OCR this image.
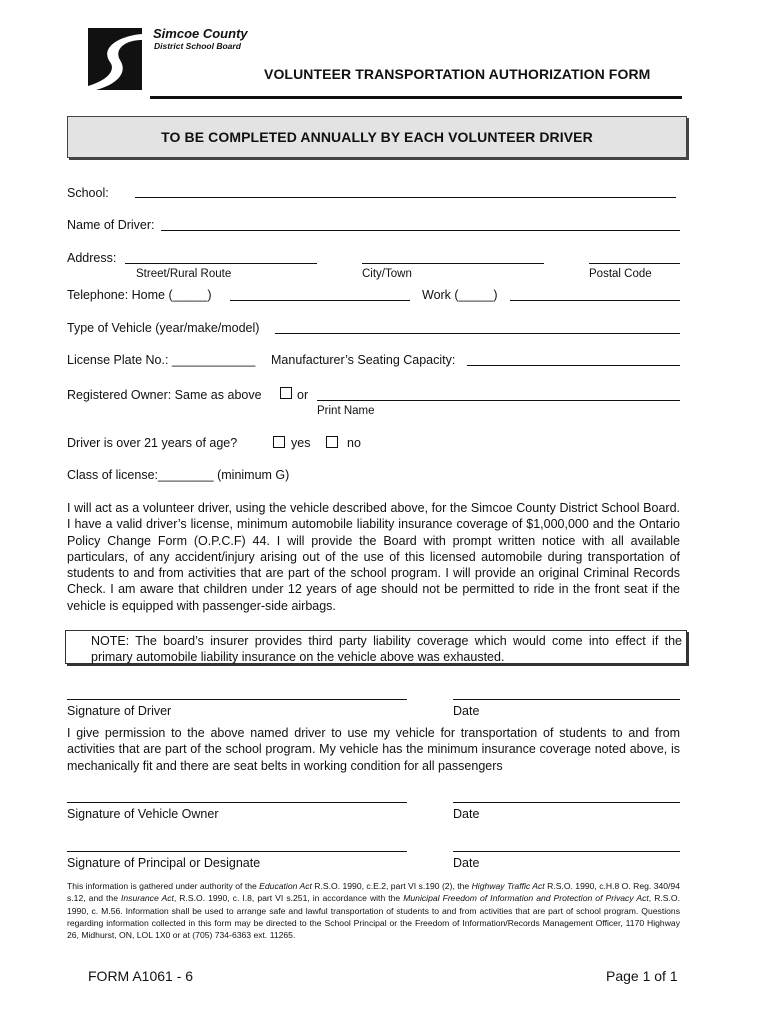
Simcoe County
District School Board
VOLUNTEER TRANSPORTATION AUTHORIZATION FORM
TO BE COMPLETED ANNUALLY BY EACH VOLUNTEER DRIVER
School:
Name of Driver:
Address:
Street/Rural Route	City/Town	Postal Code
Telephone: Home (_____)	Work (_____)
Type of Vehicle (year/make/model)
License Plate No.: ____________ Manufacturer’s Seating Capacity:
Registered Owner: Same as above	or
Print Name
Driver is over 21 years of age?	yes	no
Class of license:________ (minimum G)
I will act as a volunteer driver, using the vehicle described above, for the Simcoe County District School Board. I have a valid driver’s license, minimum automobile liability insurance coverage of $1,000,000 and the Ontario Policy Change Form (O.P.C.F) 44. I will provide the Board with prompt written notice with all available particulars, of any accident/injury arising out of the use of this licensed automobile during transportation of students to and from activities that are part of the school program. I will provide an original Criminal Records Check. I am aware that children under 12 years of age should not be permitted to ride in the front seat if the vehicle is equipped with passenger-side airbags.
NOTE: The board’s insurer provides third party liability coverage which would come into effect if the primary automobile liability insurance on the vehicle above was exhausted.
Signature of Driver	Date
I give permission to the above named driver to use my vehicle for transportation of students to and from activities that are part of the school program. My vehicle has the minimum insurance coverage noted above, is mechanically fit and there are seat belts in working condition for all passengers
Signature of Vehicle Owner	Date
Signature of Principal or Designate	Date
This information is gathered under authority of the Education Act R.S.O. 1990, c.E.2, part VI s.190 (2), the Highway Traffic Act R.S.O. 1990, c.H.8 O. Reg. 340/94 s.12, and the Insurance Act, R.S.O. 1990, c. I.8, part VI s.251, in accordance with the Municipal Freedom of Information and Protection of Privacy Act, R.S.O. 1990, c. M.56. Information shall be used to arrange safe and lawful transportation of students to and from activities that are part of school program. Questions regarding information collected in this form may be directed to the School Principal or the Freedom of Information/Records Management Officer, 1170 Highway 26, Midhurst, ON, LOL 1X0 or at (705) 734-6363 ext. 11265.
FORM A1061 - 6	Page 1 of 1
